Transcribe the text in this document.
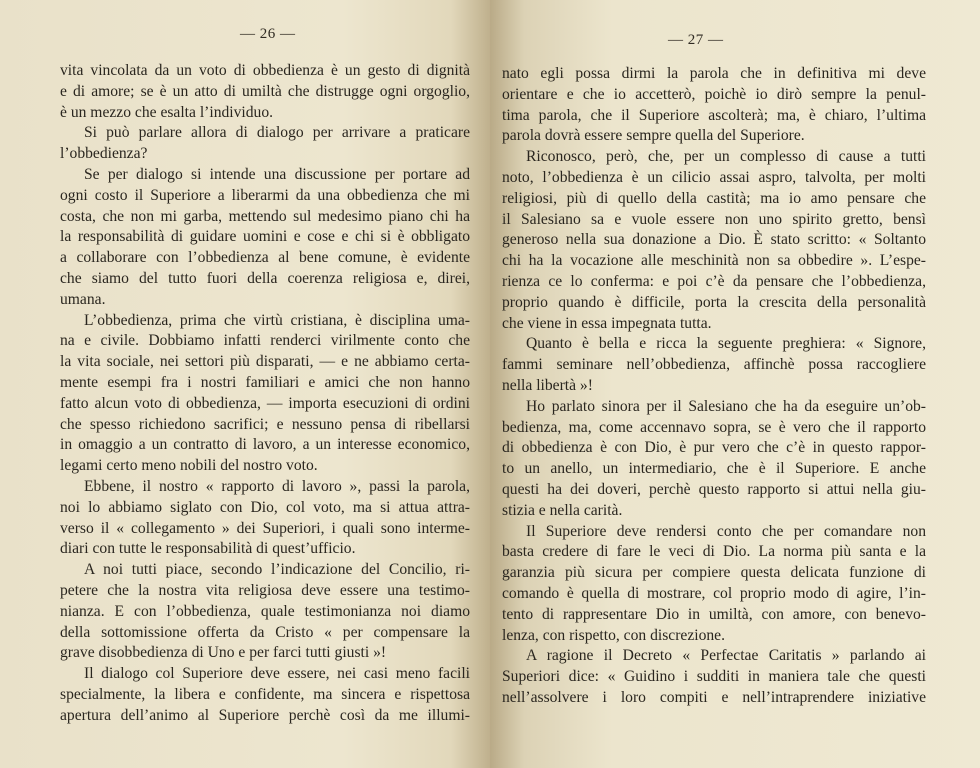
— 26 —
vita vincolata da un voto di obbedienza è un gesto di dignità
e di amore; se è un atto di umiltà che distrugge ogni orgoglio,
è un mezzo che esalta l’individuo.
Si può parlare allora di dialogo per arrivare a praticare
l’obbedienza?
Se per dialogo si intende una discussione per portare ad
ogni costo il Superiore a liberarmi da una obbedienza che mi
costa, che non mi garba, mettendo sul medesimo piano chi ha
la responsabilità di guidare uomini e cose e chi si è obbligato
a collaborare con l’obbedienza al bene comune, è evidente
che siamo del tutto fuori della coerenza religiosa e, direi,
umana.
L’obbedienza, prima che virtù cristiana, è disciplina uma-
na e civile. Dobbiamo infatti renderci virilmente conto che
la vita sociale, nei settori più disparati, — e ne abbiamo certa-
mente esempi fra i nostri familiari e amici che non hanno
fatto alcun voto di obbedienza, — importa esecuzioni di ordini
che spesso richiedono sacrifici; e nessuno pensa di ribellarsi
in omaggio a un contratto di lavoro, a un interesse economico,
legami certo meno nobili del nostro voto.
Ebbene, il nostro « rapporto di lavoro », passi la parola,
noi lo abbiamo siglato con Dio, col voto, ma si attua attra-
verso il « collegamento » dei Superiori, i quali sono interme-
diari con tutte le responsabilità di quest’ufficio.
A noi tutti piace, secondo l’indicazione del Concilio, ri-
petere che la nostra vita religiosa deve essere una testimo-
nianza. E con l’obbedienza, quale testimonianza noi diamo
della sottomissione offerta da Cristo « per compensare la
grave disobbedienza di Uno e per farci tutti giusti »!
Il dialogo col Superiore deve essere, nei casi meno facili
specialmente, la libera e confidente, ma sincera e rispettosa
apertura dell’animo al Superiore perchè così da me illumi-
— 27 —
nato egli possa dirmi la parola che in definitiva mi deve
orientare e che io accetterò, poichè io dirò sempre la penul-
tima parola, che il Superiore ascolterà; ma, è chiaro, l’ultima
parola dovrà essere sempre quella del Superiore.
Riconosco, però, che, per un complesso di cause a tutti
noto, l’obbedienza è un cilicio assai aspro, talvolta, per molti
religiosi, più di quello della castità; ma io amo pensare che
il Salesiano sa e vuole essere non uno spirito gretto, bensì
generoso nella sua donazione a Dio. È stato scritto: « Soltanto
chi ha la vocazione alle meschinità non sa obbedire ». L’espe-
rienza ce lo conferma: e poi c’è da pensare che l’obbedienza,
proprio quando è difficile, porta la crescita della personalità
che viene in essa impegnata tutta.
Quanto è bella e ricca la seguente preghiera: « Signore,
fammi seminare nell’obbedienza, affinchè possa raccogliere
nella libertà »!
Ho parlato sinora per il Salesiano che ha da eseguire un’ob-
bedienza, ma, come accennavo sopra, se è vero che il rapporto
di obbedienza è con Dio, è pur vero che c’è in questo rappor-
to un anello, un intermediario, che è il Superiore. E anche
questi ha dei doveri, perchè questo rapporto si attui nella giu-
stizia e nella carità.
Il Superiore deve rendersi conto che per comandare non
basta credere di fare le veci di Dio. La norma più santa e la
garanzia più sicura per compiere questa delicata funzione di
comando è quella di mostrare, col proprio modo di agire, l’in-
tento di rappresentare Dio in umiltà, con amore, con benevo-
lenza, con rispetto, con discrezione.
A ragione il Decreto « Perfectae Caritatis » parlando ai
Superiori dice: « Guidino i sudditi in maniera tale che questi
nell’assolvere i loro compiti e nell’intraprendere iniziative
